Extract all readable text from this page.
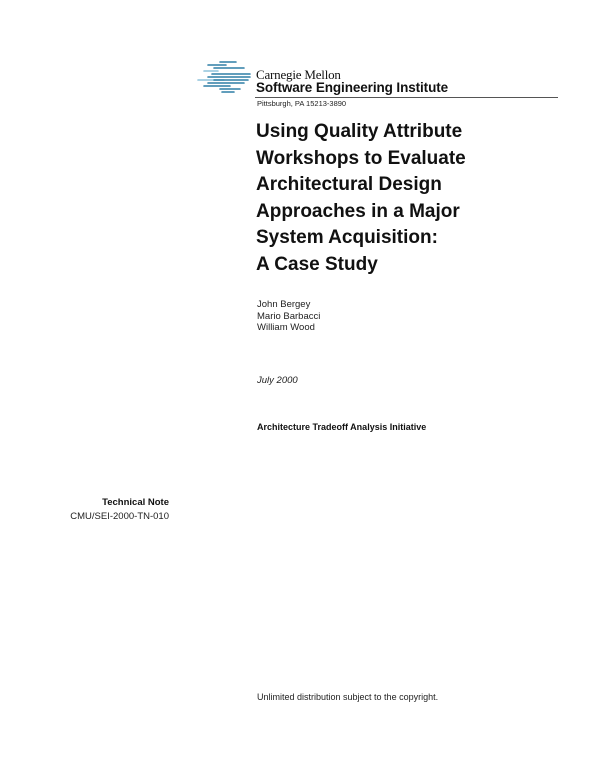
Carnegie Mellon
Software Engineering Institute
Pittsburgh, PA 15213-3890
Using Quality Attribute
Workshops to Evaluate
Architectural Design
Approaches in a Major
System Acquisition:
A Case Study
John Bergey
Mario Barbacci
William Wood
July 2000
Architecture Tradeoff Analysis Initiative
Technical Note
CMU/SEI-2000-TN-010
Unlimited distribution subject to the copyright.
